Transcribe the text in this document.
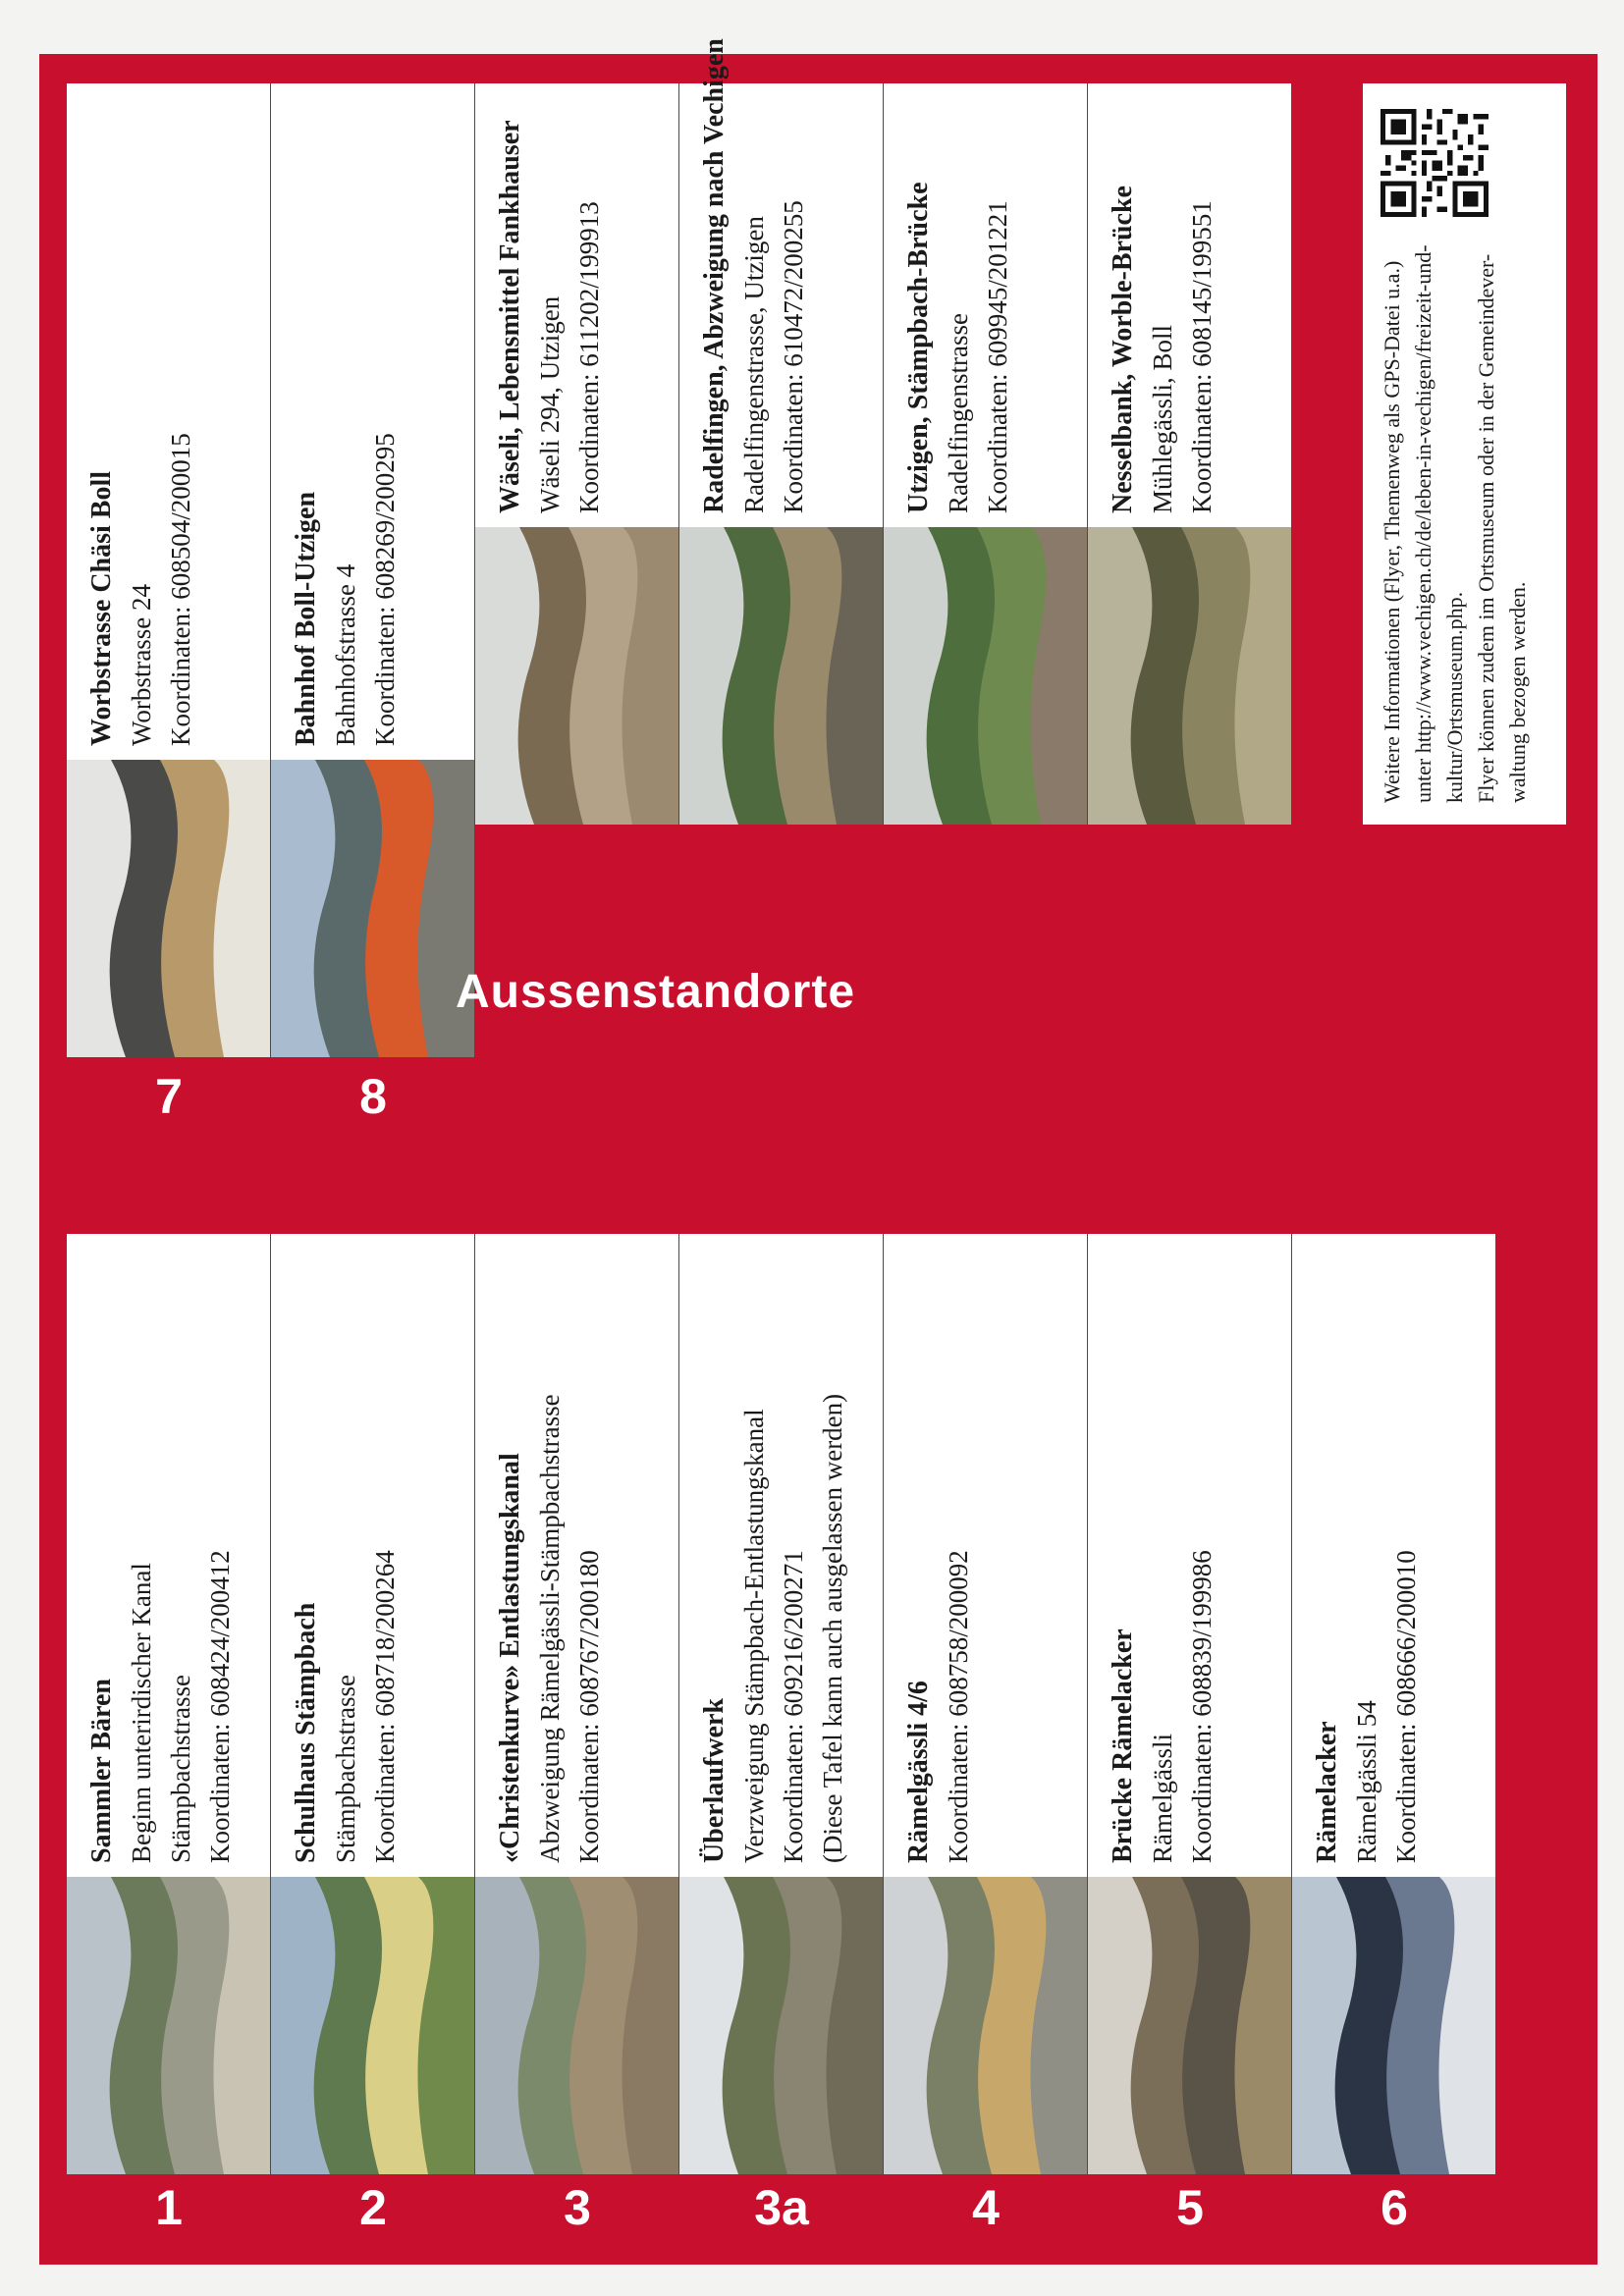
1
Sammler Bären Beginn unterirdischer Kanal Stämpbachstrasse Koordinaten: 608424/200412
2
Schulhaus Stämpbach Stämpbachstrasse Koordinaten: 608718/200264
3
«Christenkurve» Entlastungskanal Abzweigung Rämelgässli-Stämpbachstrasse Koordinaten: 608767/200180
3a
Überlaufwerk Verzweigung Stämpbach-Entlastungskanal Koordinaten: 609216/200271 (Diese Tafel kann auch ausgelassen werden)
4
Rämelgässli 4/6 Koordinaten: 608758/200092
5
Brücke Rämelacker Rämelgässli Koordinaten: 608839/199986
6
Rämelacker Rämelgässli 54 Koordinaten: 608666/200010
7
Worbstrasse Chäsi Boll Worbstrasse 24 Koordinaten: 608504/200015
8
Bahnhof Boll-Utzigen Bahnhofstrasse 4 Koordinaten: 608269/200295
Wäseli, Lebensmittel Fankhauser Wäseli 294, Utzigen Koordinaten: 611202/199913	Radelfingen, Abzweigung nach Vechigen Radelfingenstrasse, Utzigen Koordinaten: 610472/200255	Utzigen, Stämpbach-Brücke Radelfingenstrasse Koordinaten: 609945/201221	Nesselbank, Worble-Brücke Mühlegässli, Boll Koordinaten: 608145/199551
Aussenstandorte
Weitere Informationen (Flyer, Themenweg als GPS-Datei u.a.) unter http://www.vechigen.ch/de/leben-in-vechigen/freizeit-und- kultur/Ortsmuseum.php. Flyer können zudem im Ortsmuseum oder in der Gemeindever- waltung bezogen werden.
